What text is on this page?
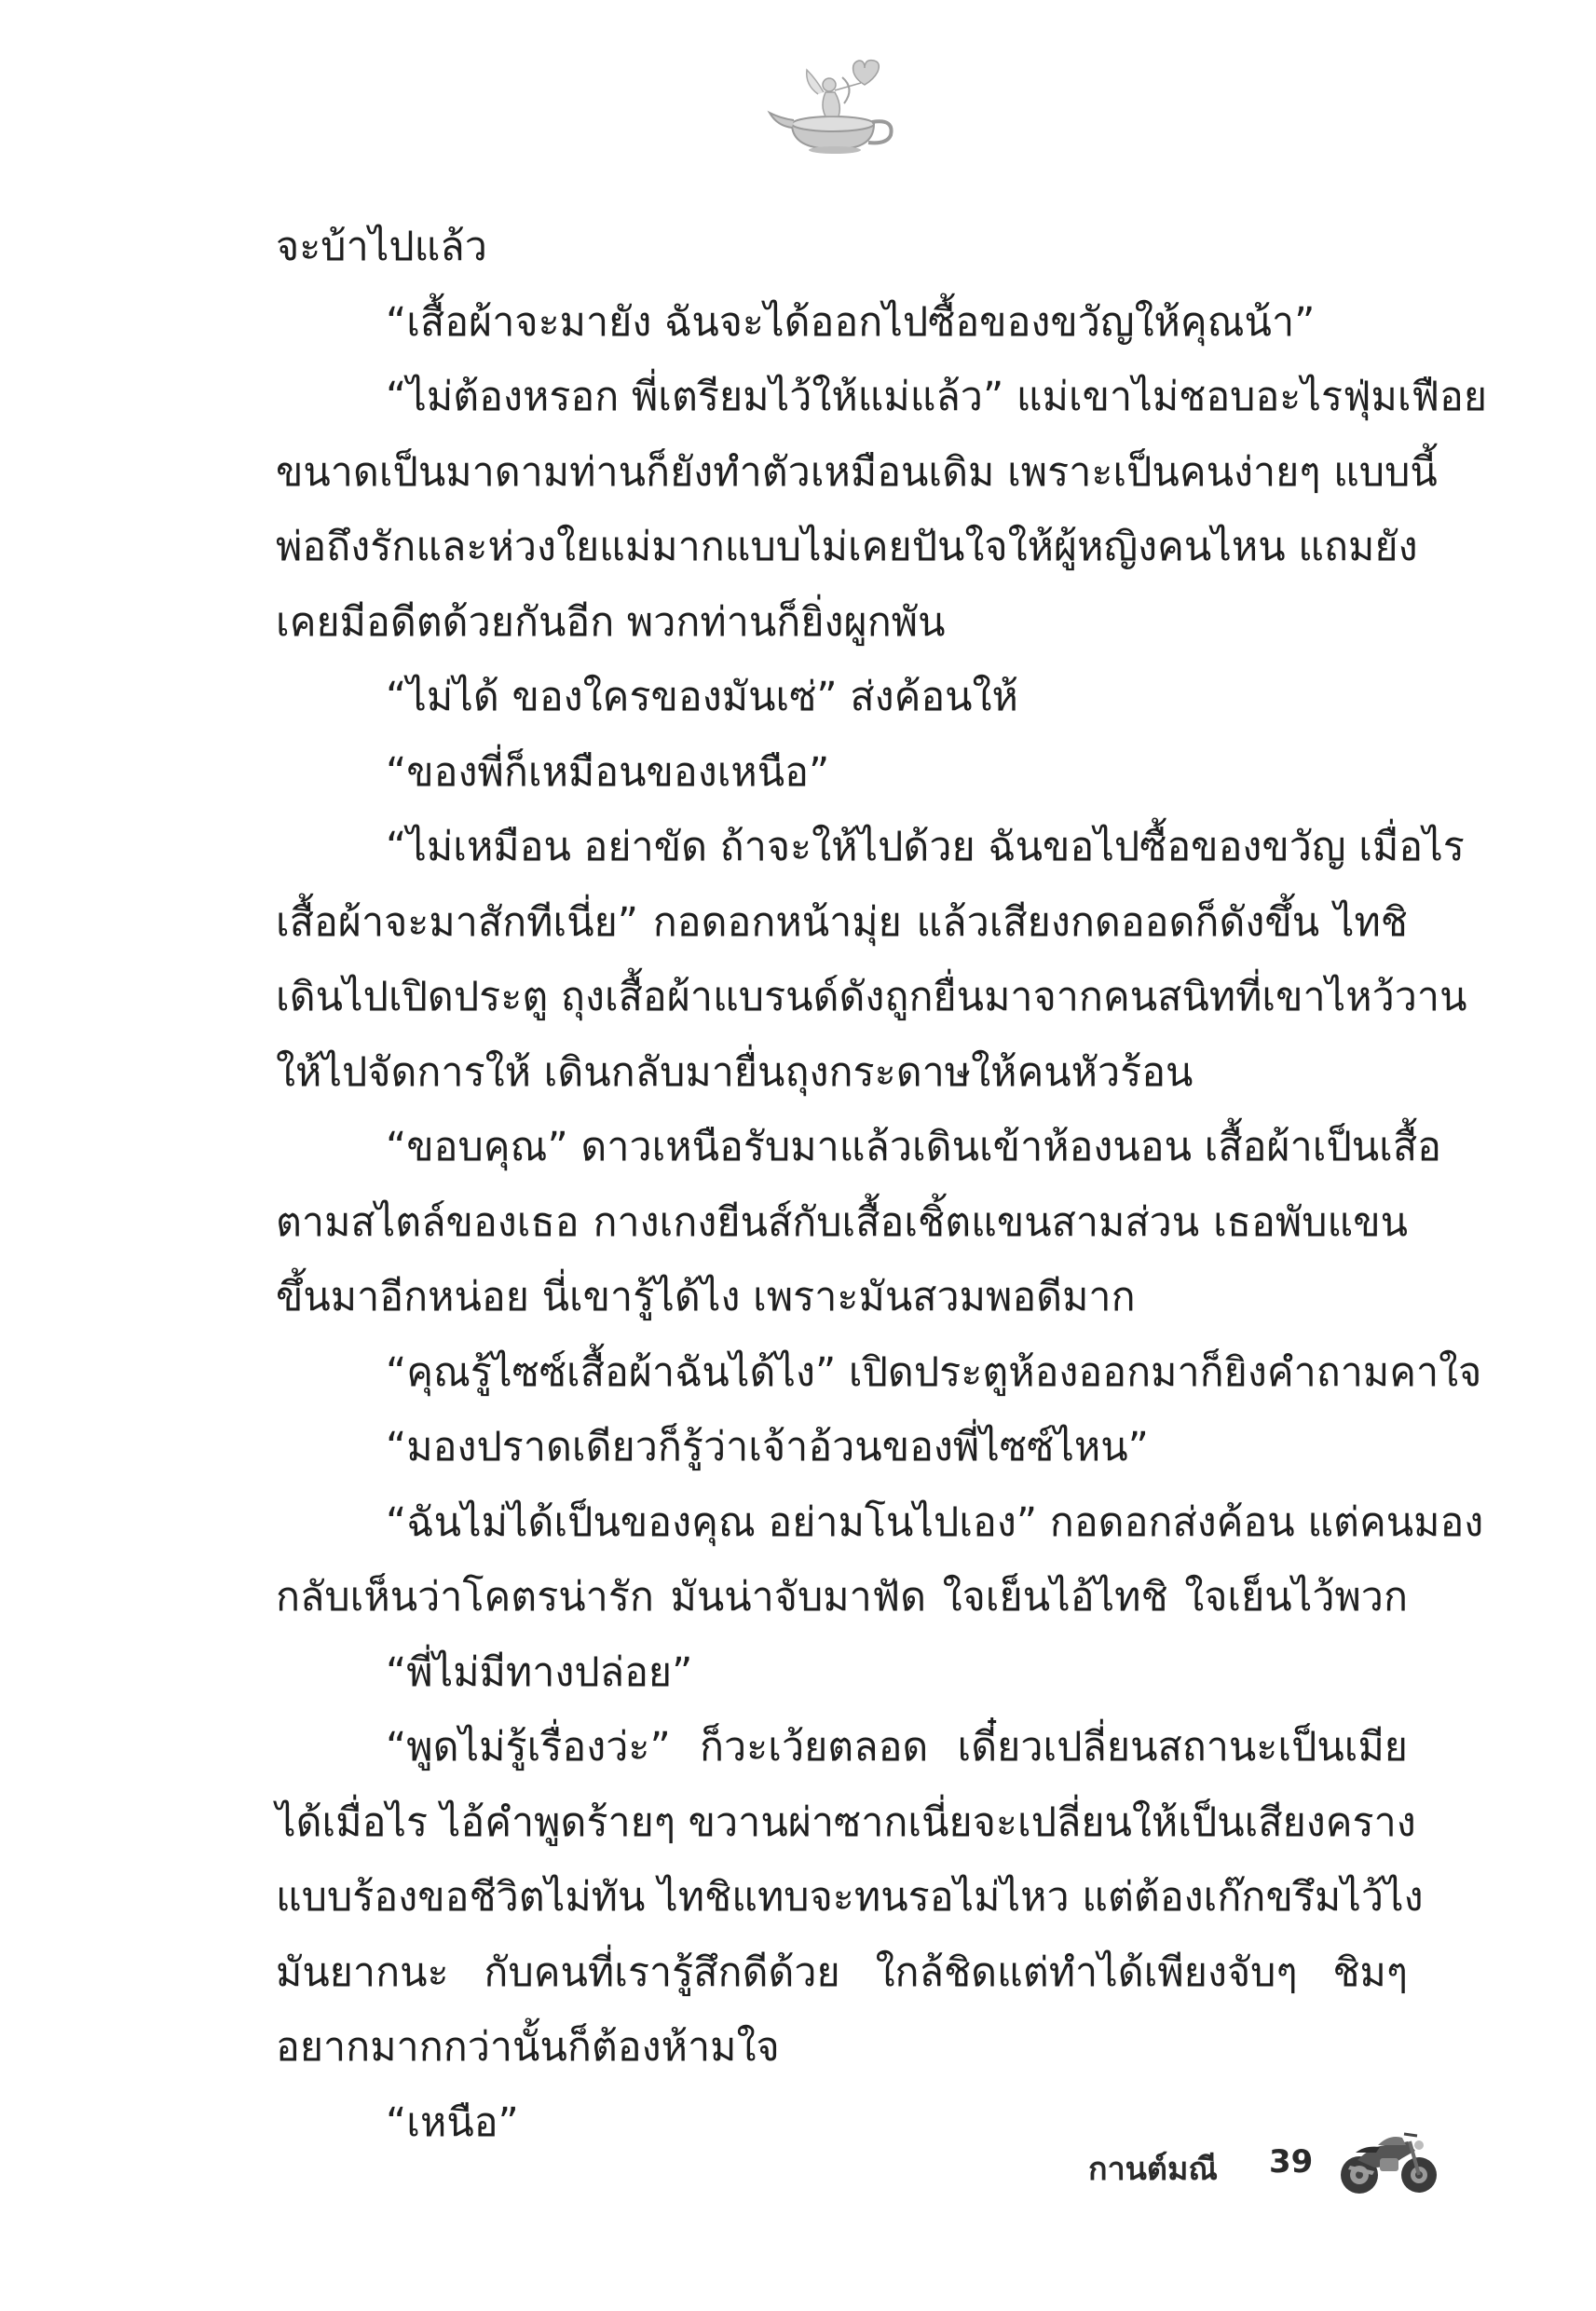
จะบ้าไปแล้ว
“เสื้อผ้าจะมายัง ฉันจะได้ออกไปซื้อของขวัญให้คุณน้า”
“ไม่ต้องหรอก พี่เตรียมไว้ให้แม่แล้ว” แม่เขาไม่ชอบอะไรฟุ่มเฟือย
ขนาดเป็นมาดามท่านก็ยังทำตัวเหมือนเดิม เพราะเป็นคนง่ายๆ แบบนี้
พ่อถึงรักและห่วงใยแม่มากแบบไม่เคยปันใจให้ผู้หญิงคนไหน แถมยัง
เคยมีอดีตด้วยกันอีก พวกท่านก็ยิ่งผูกพัน
“ไม่ได้ ของใครของมันเซ่” ส่งค้อนให้
“ของพี่ก็เหมือนของเหนือ”
“ไม่เหมือน อย่าขัด ถ้าจะให้ไปด้วย ฉันขอไปซื้อของขวัญ เมื่อไร
เสื้อผ้าจะมาสักทีเนี่ย” กอดอกหน้ามุ่ย แล้วเสียงกดออดก็ดังขึ้น ไทชิ
เดินไปเปิดประตู ถุงเสื้อผ้าแบรนด์ดังถูกยื่นมาจากคนสนิทที่เขาไหว้วาน
ให้ไปจัดการให้ เดินกลับมายื่นถุงกระดาษให้คนหัวร้อน
“ขอบคุณ” ดาวเหนือรับมาแล้วเดินเข้าห้องนอน เสื้อผ้าเป็นเสื้อ
ตามสไตล์ของเธอ กางเกงยีนส์กับเสื้อเชิ้ตแขนสามส่วน เธอพับแขน
ขึ้นมาอีกหน่อย นี่เขารู้ได้ไง เพราะมันสวมพอดีมาก
“คุณรู้ไซซ์เสื้อผ้าฉันได้ไง” เปิดประตูห้องออกมาก็ยิงคำถามคาใจ
“มองปราดเดียวก็รู้ว่าเจ้าอ้วนของพี่ไซซ์ไหน”
“ฉันไม่ได้เป็นของคุณ อย่ามโนไปเอง” กอดอกส่งค้อน แต่คนมอง
กลับเห็นว่าโคตรน่ารัก มันน่าจับมาฟัด ใจเย็นไอ้ไทชิ ใจเย็นไว้พวก
“พี่ไม่มีทางปล่อย”
“พูดไม่รู้เรื่องว่ะ” ก็วะเว้ยตลอด เดี๋ยวเปลี่ยนสถานะเป็นเมีย
ได้เมื่อไร ไอ้คำพูดร้ายๆ ขวานผ่าซากเนี่ยจะเปลี่ยนให้เป็นเสียงคราง
แบบร้องขอชีวิตไม่ทัน ไทชิแทบจะทนรอไม่ไหว แต่ต้องเก๊กขรึมไว้ไง
มันยากนะ กับคนที่เรารู้สึกดีด้วย ใกล้ชิดแต่ทำได้เพียงจับๆ ชิมๆ
อยากมากกว่านั้นก็ต้องห้ามใจ
“เหนือ”
กานต์มณี 39
